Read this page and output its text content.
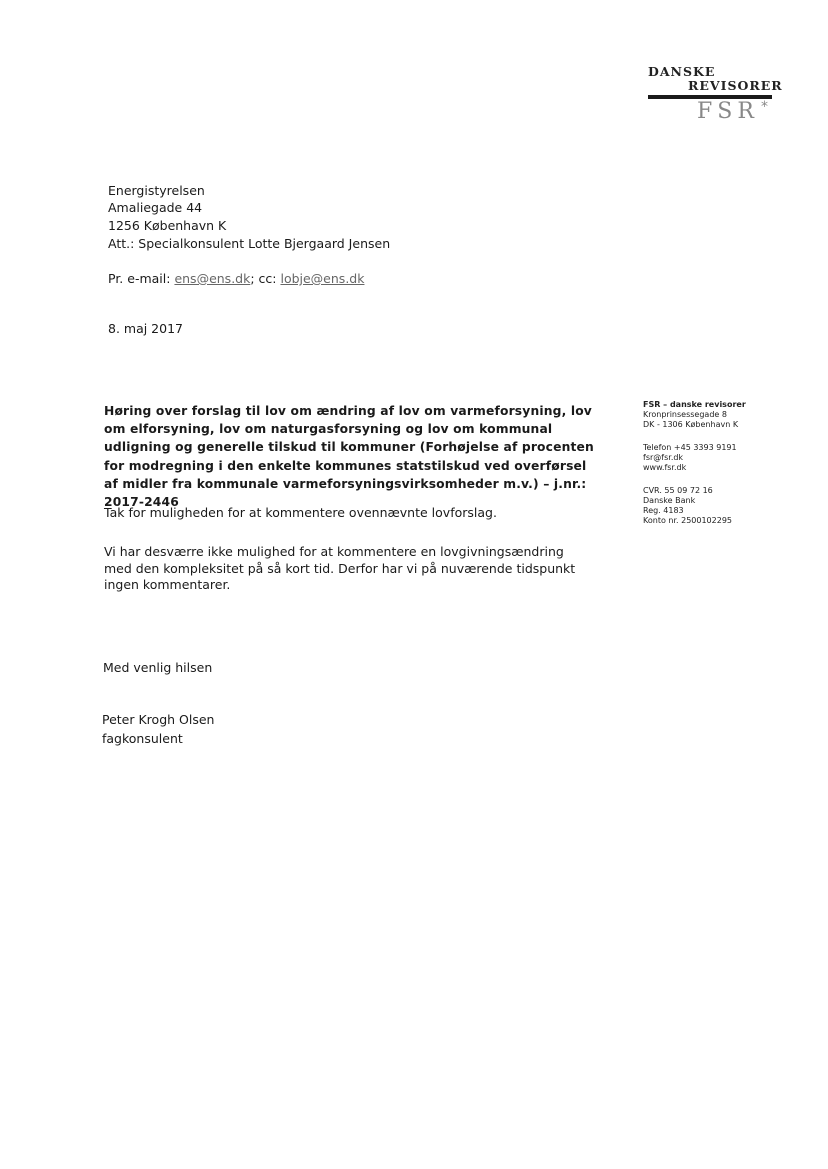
DANSKE
REVISORER
FSR *
Energistyrelsen
Amaliegade 44
1256 København K
Att.: Specialkonsulent Lotte Bjergaard Jensen
Pr. e-mail: ens@ens.dk; cc: lobje@ens.dk
8. maj 2017
Høring over forslag til lov om ændring af lov om varmeforsyning, lov om elforsyning, lov om naturgasforsyning og lov om kommunal udligning og generelle tilskud til kommuner (Forhøjelse af procenten for modregning i den enkelte kommunes statstilskud ved overførsel af midler fra kommunale varmeforsyningsvirksomheder m.v.) – j.nr.: 2017-2446
Tak for muligheden for at kommentere ovennævnte lovforslag.
Vi har desværre ikke mulighed for at kommentere en lovgivningsændring med den kompleksitet på så kort tid. Derfor har vi på nuværende tidspunkt ingen kommentarer.
Med venlig hilsen
Peter Krogh Olsen
fagkonsulent
FSR – danske revisorer
Kronprinsessegade 8
DK - 1306 København K
Telefon +45 3393 9191
fsr@fsr.dk
www.fsr.dk
CVR. 55 09 72 16
Danske Bank
Reg. 4183
Konto nr. 2500102295
